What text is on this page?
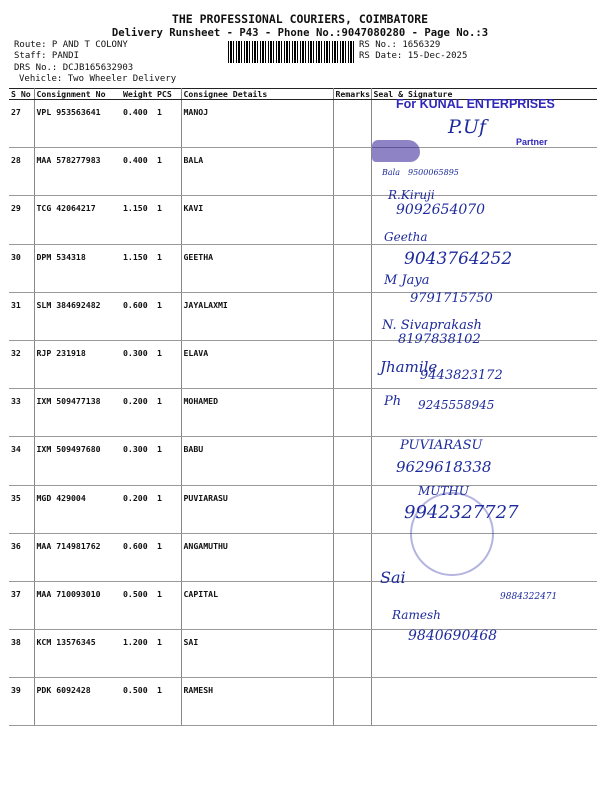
THE PROFESSIONAL COURIERS, COIMBATORE
Delivery Runsheet - P43 - Phone No.:9047080280 - Page No.:3
Route: P AND T COLONY
Staff: PANDI
DRS No.: DCJB165632903
Vehicle: Two Wheeler Delivery
RS No.: 1656329
RS Date: 15-Dec-2025
S No	Consignment No	Weight	PCS	Consignee Details	Remarks	Seal & Signature
27	VPL 953563641	0.400	1	MANOJ		
28	MAA 578277983	0.400	1	BALA		
29	TCG 42064217	1.150	1	KAVI		
30	DPM 534318	1.150	1	GEETHA		
31	SLM 384692482	0.600	1	JAYALAXMI		
32	RJP 231918	0.300	1	ELAVA		
33	IXM 509477138	0.200	1	MOHAMED		
34	IXM 509497680	0.300	1	BABU		
35	MGD 429004	0.200	1	PUVIARASU		
36	MAA 714981762	0.600	1	ANGAMUTHU		
37	MAA 710093010	0.500	1	CAPITAL		
38	KCM 13576345	1.200	1	SAI		
39	PDK 6092428	0.500	1	RAMESH		
For KUNAL ENTERPRISES
P.Uf
Partner
Bala 9500065895
R.Kiruji
9092654070
Geetha
9043764252
M Jaya
9791715750
N. Sivaprakash
8197838102
Jhamile
9443823172
Ph 9245558945
PUVIARASU
9629618338
MUTHU
9942327727
Sai
9884322471
Ramesh
9840690468
